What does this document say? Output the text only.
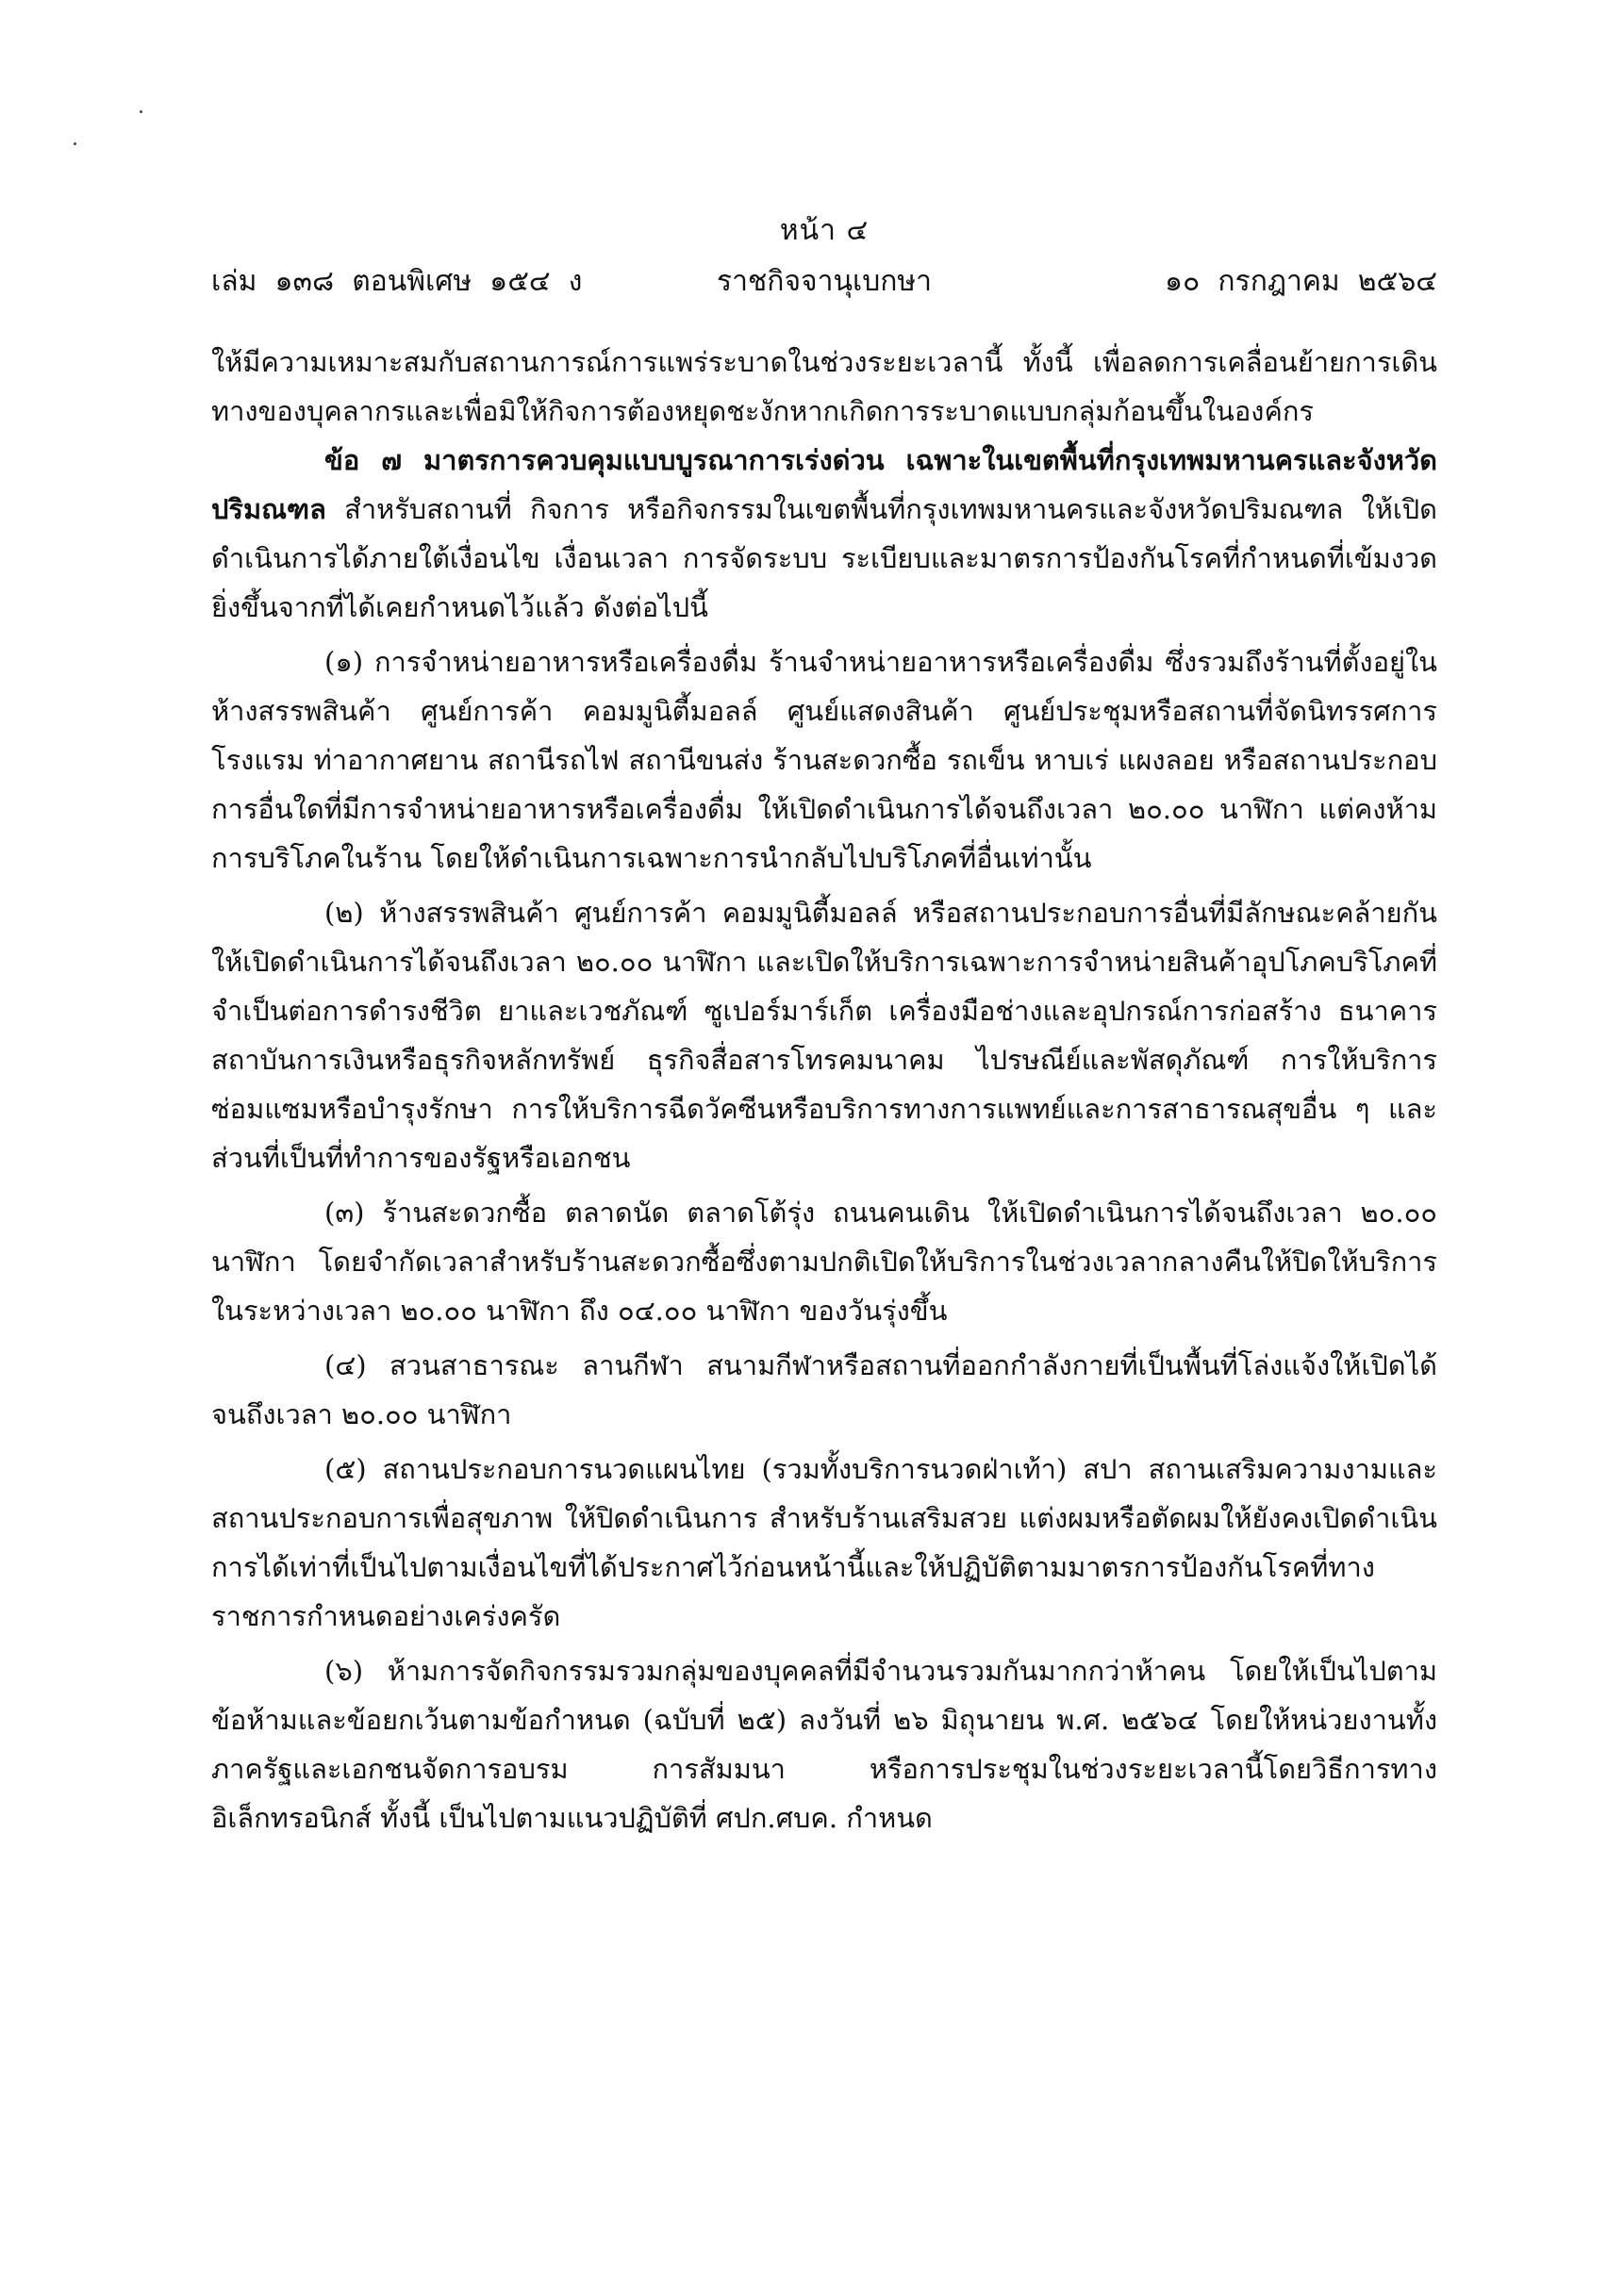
หน้า ๔
เล่ม  ๑๓๘  ตอนพิเศษ  ๑๕๔  ง	ราชกิจจานุเบกษา	๑๐  กรกฎาคม  ๒๕๖๔

ให้มีความเหมาะสมกับสถานการณ์การแพร่ระบาดในช่วงระยะเวลานี้ ทั้งนี้ เพื่อลดการเคลื่อนย้ายการเดินทางของบุคลากรและเพื่อมิให้กิจการต้องหยุดชะงักหากเกิดการระบาดแบบกลุ่มก้อนขึ้นในองค์กร

ข้อ ๗ มาตรการควบคุมแบบบูรณาการเร่งด่วน เฉพาะในเขตพื้นที่กรุงเทพมหานครและจังหวัดปริมณฑล สำหรับสถานที่ กิจการ หรือกิจกรรมในเขตพื้นที่กรุงเทพมหานครและจังหวัดปริมณฑล ให้เปิดดำเนินการได้ภายใต้เงื่อนไข เงื่อนเวลา การจัดระบบ ระเบียบและมาตรการป้องกันโรคที่กำหนดที่เข้มงวดยิ่งขึ้นจากที่ได้เคยกำหนดไว้แล้ว ดังต่อไปนี้

(๑) การจำหน่ายอาหารหรือเครื่องดื่ม ร้านจำหน่ายอาหารหรือเครื่องดื่ม ซึ่งรวมถึงร้านที่ตั้งอยู่ในห้างสรรพสินค้า ศูนย์การค้า คอมมูนิตี้มอลล์ ศูนย์แสดงสินค้า ศูนย์ประชุมหรือสถานที่จัดนิทรรศการ โรงแรม ท่าอากาศยาน สถานีรถไฟ สถานีขนส่ง ร้านสะดวกซื้อ รถเข็น หาบเร่ แผงลอย หรือสถานประกอบการอื่นใดที่มีการจำหน่ายอาหารหรือเครื่องดื่ม ให้เปิดดำเนินการได้จนถึงเวลา ๒๐.๐๐ นาฬิกา แต่คงห้ามการบริโภคในร้าน โดยให้ดำเนินการเฉพาะการนำกลับไปบริโภคที่อื่นเท่านั้น

(๒) ห้างสรรพสินค้า ศูนย์การค้า คอมมูนิตี้มอลล์ หรือสถานประกอบการอื่นที่มีลักษณะคล้ายกัน ให้เปิดดำเนินการได้จนถึงเวลา ๒๐.๐๐ นาฬิกา และเปิดให้บริการเฉพาะการจำหน่ายสินค้าอุปโภคบริโภคที่จำเป็นต่อการดำรงชีวิต ยาและเวชภัณฑ์ ซูเปอร์มาร์เก็ต เครื่องมือช่างและอุปกรณ์การก่อสร้าง ธนาคาร สถาบันการเงินหรือธุรกิจหลักทรัพย์ ธุรกิจสื่อสารโทรคมนาคม ไปรษณีย์และพัสดุภัณฑ์ การให้บริการซ่อมแซมหรือบำรุงรักษา การให้บริการฉีดวัคซีนหรือบริการทางการแพทย์และการสาธารณสุขอื่น ๆ และส่วนที่เป็นที่ทำการของรัฐหรือเอกชน

(๓) ร้านสะดวกซื้อ ตลาดนัด ตลาดโต้รุ่ง ถนนคนเดิน ให้เปิดดำเนินการได้จนถึงเวลา ๒๐.๐๐ นาฬิกา โดยจำกัดเวลาสำหรับร้านสะดวกซื้อซึ่งตามปกติเปิดให้บริการในช่วงเวลากลางคืนให้ปิดให้บริการในระหว่างเวลา ๒๐.๐๐ นาฬิกา ถึง ๐๔.๐๐ นาฬิกา ของวันรุ่งขึ้น

(๔) สวนสาธารณะ ลานกีฬา สนามกีฬาหรือสถานที่ออกกำลังกายที่เป็นพื้นที่โล่งแจ้งให้เปิดได้จนถึงเวลา ๒๐.๐๐ นาฬิกา

(๕) สถานประกอบการนวดแผนไทย (รวมทั้งบริการนวดฝ่าเท้า) สปา สถานเสริมความงามและสถานประกอบการเพื่อสุขภาพ ให้ปิดดำเนินการ สำหรับร้านเสริมสวย แต่งผมหรือตัดผมให้ยังคงเปิดดำเนินการได้เท่าที่เป็นไปตามเงื่อนไขที่ได้ประกาศไว้ก่อนหน้านี้และให้ปฏิบัติตามมาตรการป้องกันโรคที่ทางราชการกำหนดอย่างเคร่งครัด

(๖) ห้ามการจัดกิจกรรมรวมกลุ่มของบุคคลที่มีจำนวนรวมกันมากกว่าห้าคน โดยให้เป็นไปตามข้อห้ามและข้อยกเว้นตามข้อกำหนด (ฉบับที่ ๒๕) ลงวันที่ ๒๖ มิถุนายน พ.ศ. ๒๕๖๔ โดยให้หน่วยงานทั้งภาครัฐและเอกชนจัดการอบรม การสัมมนา หรือการประชุมในช่วงระยะเวลานี้โดยวิธีการทางอิเล็กทรอนิกส์ ทั้งนี้ เป็นไปตามแนวปฏิบัติที่ ศปก.ศบค. กำหนด
